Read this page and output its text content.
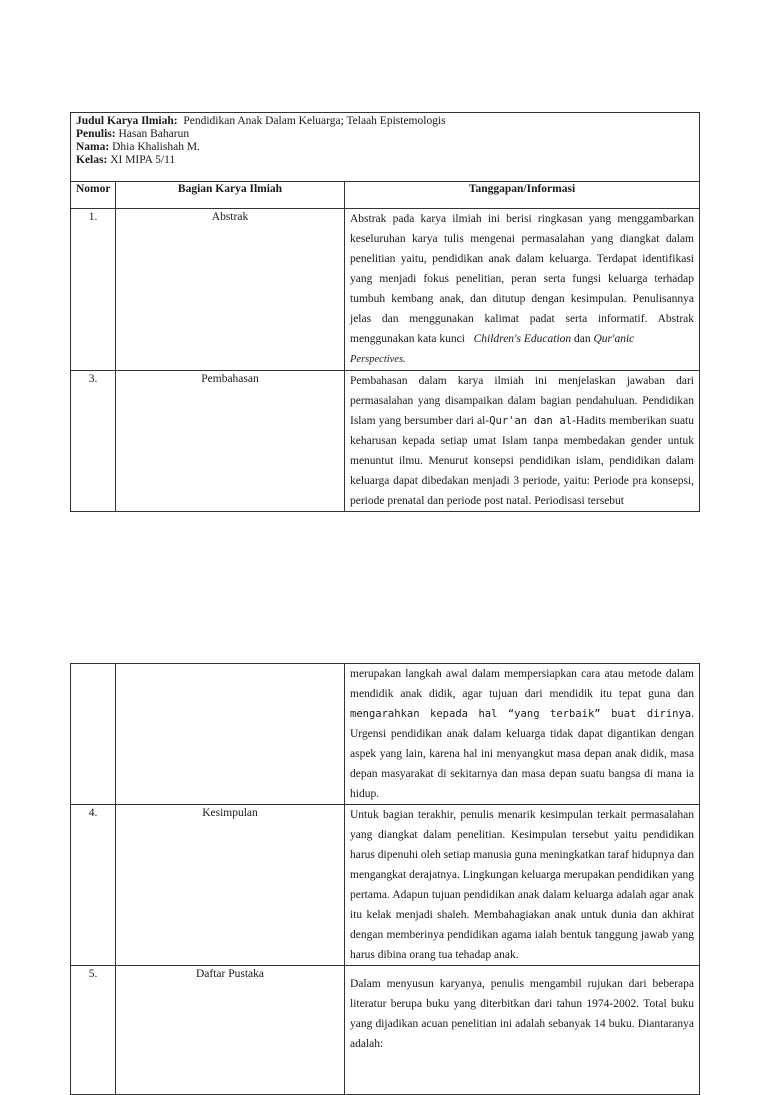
Judul Karya Ilmiah: Pendidikan Anak Dalam Keluarga; Telaah Epistemologis
Penulis: Hasan Baharun
Nama: Dhia Khalishah M.
Kelas: XI MIPA 5/11		

Nomor	Bagian Karya Ilmiah	Tanggapan/Informasi
1.	Abstrak	Abstrak pada karya ilmiah ini berisi ringkasan yang menggambarkan keseluruhan karya tulis mengenai permasalahan yang diangkat dalam penelitian yaitu, pendidikan anak dalam keluarga. Terdapat identifikasi yang menjadi fokus penelitian, peran serta fungsi keluarga terhadap tumbuh kembang anak, dan ditutup dengan kesimpulan. Penulisannya jelas dan menggunakan kalimat padat serta informatif. Abstrak menggunakan kata kunci Children's Education dan Qur'anic
Perspectives.
3.	Pembahasan	Pembahasan dalam karya ilmiah ini menjelaskan jawaban dari permasalahan yang disampaikan dalam bagian pendahuluan. Pendidikan Islam yang bersumber dari al-Qur'an dan al-Hadits memberikan suatu keharusan kepada setiap umat Islam tanpa membedakan gender untuk menuntut ilmu. Menurut konsepsi pendidikan islam, pendidikan dalam keluarga dapat dibedakan menjadi 3 periode, yaitu: Periode pra konsepsi, periode prenatal dan periode post natal. Periodisasi tersebut
		merupakan langkah awal dalam mempersiapkan cara atau metode dalam mendidik anak didik, agar tujuan dari mendidik itu tepat guna dan mengarahkan kepada hal “yang terbaik” buat dirinya. Urgensi pendidikan anak dalam keluarga tidak dapat digantikan dengan aspek yang lain, karena hal ini menyangkut masa depan anak didik, masa depan masyarakat di sekitarnya dan masa depan suatu bangsa di mana ia hidup.
4.	Kesimpulan	Untuk bagian terakhir, penulis menarik kesimpulan terkait permasalahan yang diangkat dalam penelitian. Kesimpulan tersebut yaitu pendidikan harus dipenuhi oleh setiap manusia guna meningkatkan taraf hidupnya dan mengangkat derajatnya. Lingkungan keluarga merupakan pendidikan yang pertama. Adapun tujuan pendidikan anak dalam keluarga adalah agar anak itu kelak menjadi shaleh. Membahagiakan anak untuk dunia dan akhirat dengan memberinya pendidikan agama ialah bentuk tanggung jawab yang harus dibina orang tua tehadap anak.
5.	Daftar Pustaka	Dalam menyusun karyanya, penulis mengambil rujukan dari beberapa literatur berupa buku yang diterbitkan dari tahun 1974-2002. Total buku yang dijadikan acuan penelitian ini adalah sebanyak 14 buku. Diantaranya adalah:
